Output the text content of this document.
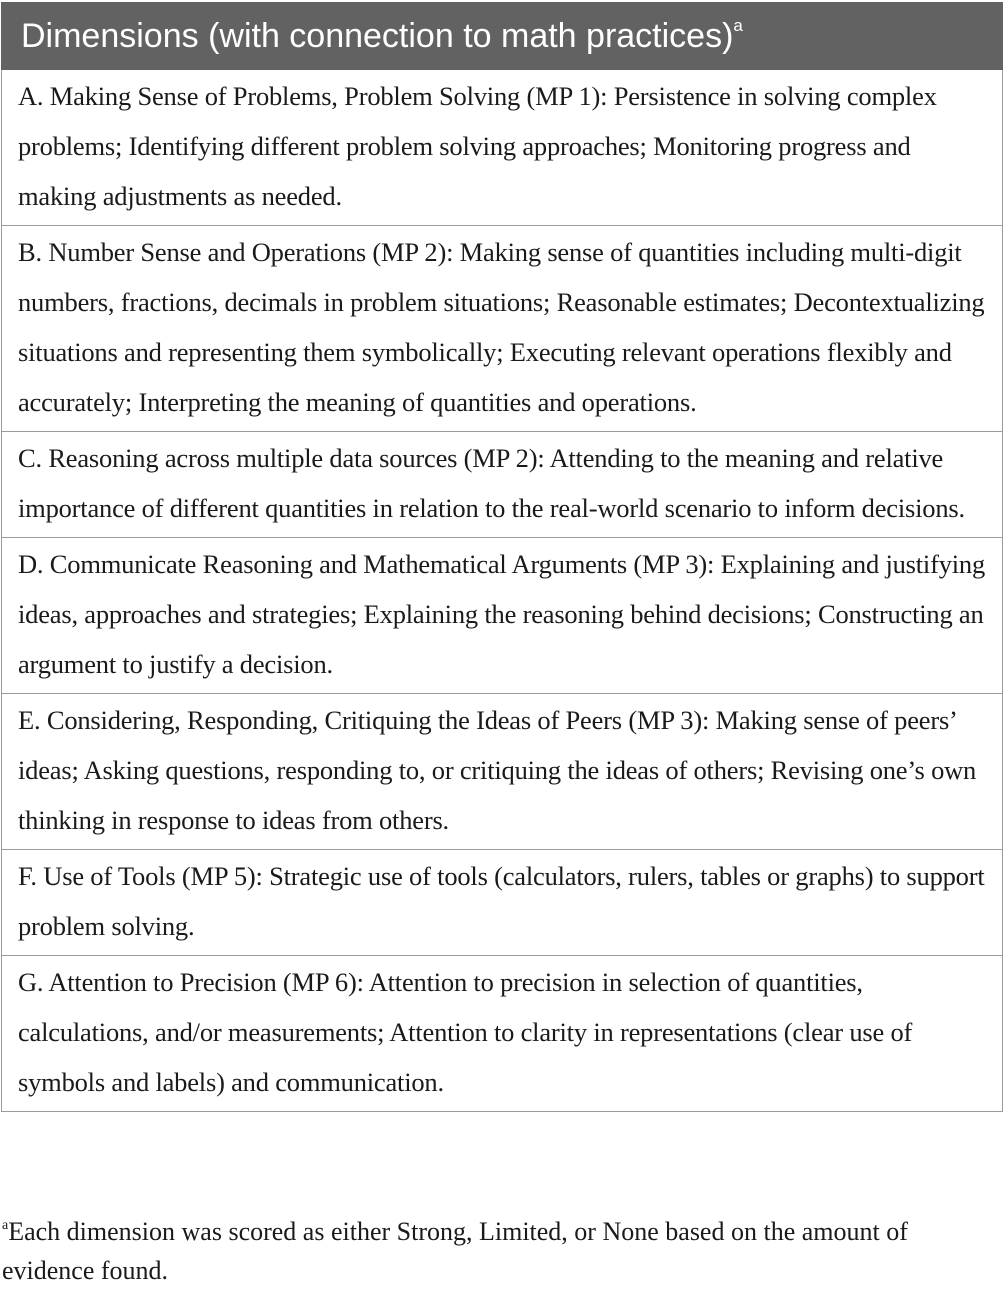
Dimensions (with connection to math practices)$^a$
A. Making Sense of Problems, Problem Solving (MP 1): Persistence in solving complex problems; Identifying different problem solving approaches; Monitoring progress and making adjustments as needed.
B. Number Sense and Operations (MP 2): Making sense of quantities including multi-digit numbers, fractions, decimals in problem situations; Reasonable estimates; Decontextualizing situations and representing them symbolically; Executing relevant operations flexibly and accurately; Interpreting the meaning of quantities and operations.
C. Reasoning across multiple data sources (MP 2): Attending to the meaning and relative importance of different quantities in relation to the real-world scenario to inform decisions.
D. Communicate Reasoning and Mathematical Arguments (MP 3): Explaining and justifying ideas, approaches and strategies; Explaining the reasoning behind decisions; Constructing an argument to justify a decision.
E. Considering, Responding, Critiquing the Ideas of Peers (MP 3): Making sense of peers’ ideas; Asking questions, responding to, or critiquing the ideas of others; Revising one’s own thinking in response to ideas from others.
F. Use of Tools (MP 5): Strategic use of tools (calculators, rulers, tables or graphs) to support problem solving.
G. Attention to Precision (MP 6): Attention to precision in selection of quantities, calculations, and/or measurements; Attention to clarity in representations (clear use of symbols and labels) and communication.
$^a$Each dimension was scored as either Strong, Limited, or None based on the amount of evidence found.
